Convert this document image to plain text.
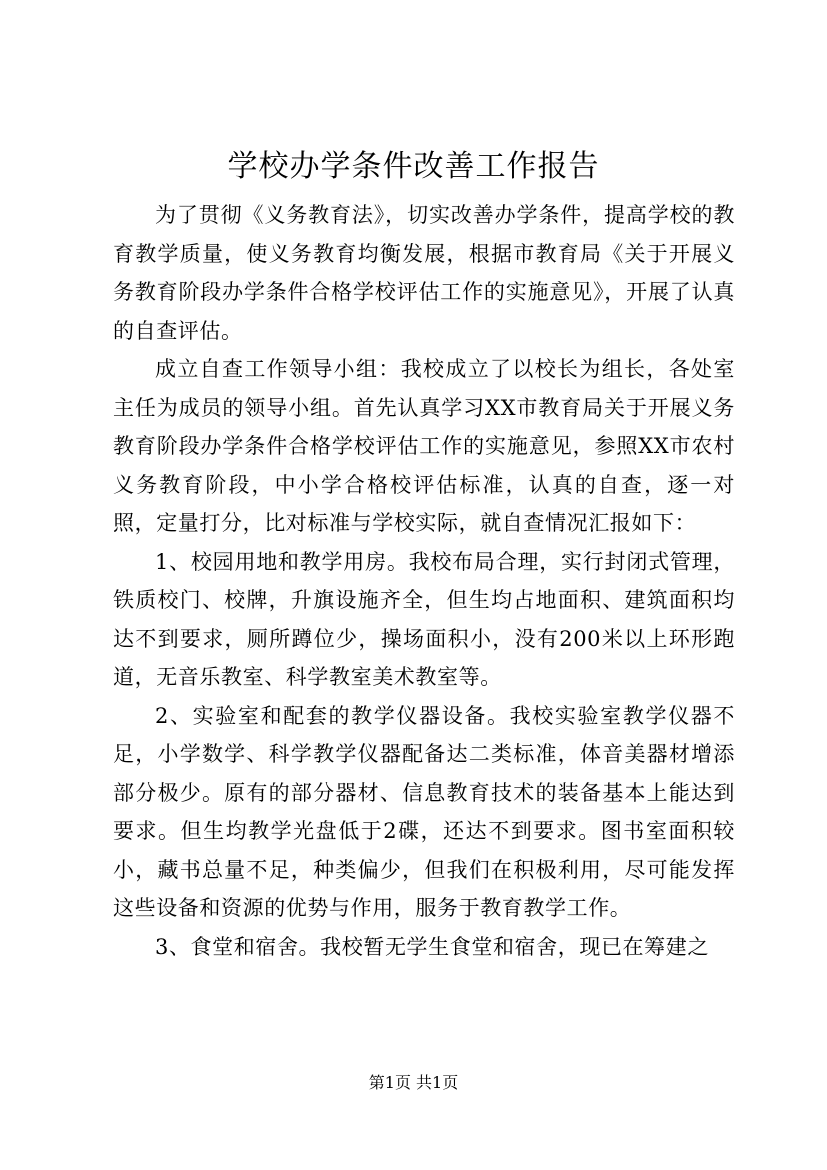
学校办学条件改善工作报告

为了贯彻《义务教育法》，切实改善办学条件，提高学校的教育教学质量，使义务教育均衡发展，根据市教育局《关于开展义务教育阶段办学条件合格学校评估工作的实施意见》，开展了认真的自查评估。

成立自查工作领导小组：我校成立了以校长为组长，各处室主任为成员的领导小组。首先认真学习XX市教育局关于开展义务教育阶段办学条件合格学校评估工作的实施意见，参照XX市农村义务教育阶段，中小学合格校评估标准，认真的自查，逐一对照，定量打分，比对标准与学校实际，就自查情况汇报如下：

1、校园用地和教学用房。我校布局合理，实行封闭式管理，铁质校门、校牌，升旗设施齐全，但生均占地面积、建筑面积均达不到要求，厕所蹲位少，操场面积小，没有200米以上环形跑道，无音乐教室、科学教室美术教室等。

2、实验室和配套的教学仪器设备。我校实验室教学仪器不足，小学数学、科学教学仪器配备达二类标准，体音美器材增添部分极少。原有的部分器材、信息教育技术的装备基本上能达到要求。但生均教学光盘低于2碟，还达不到要求。图书室面积较小，藏书总量不足，种类偏少，但我们在积极利用，尽可能发挥这些设备和资源的优势与作用，服务于教育教学工作。

3、食堂和宿舍。我校暂无学生食堂和宿舍，现已在筹建之

第1页 共1页
